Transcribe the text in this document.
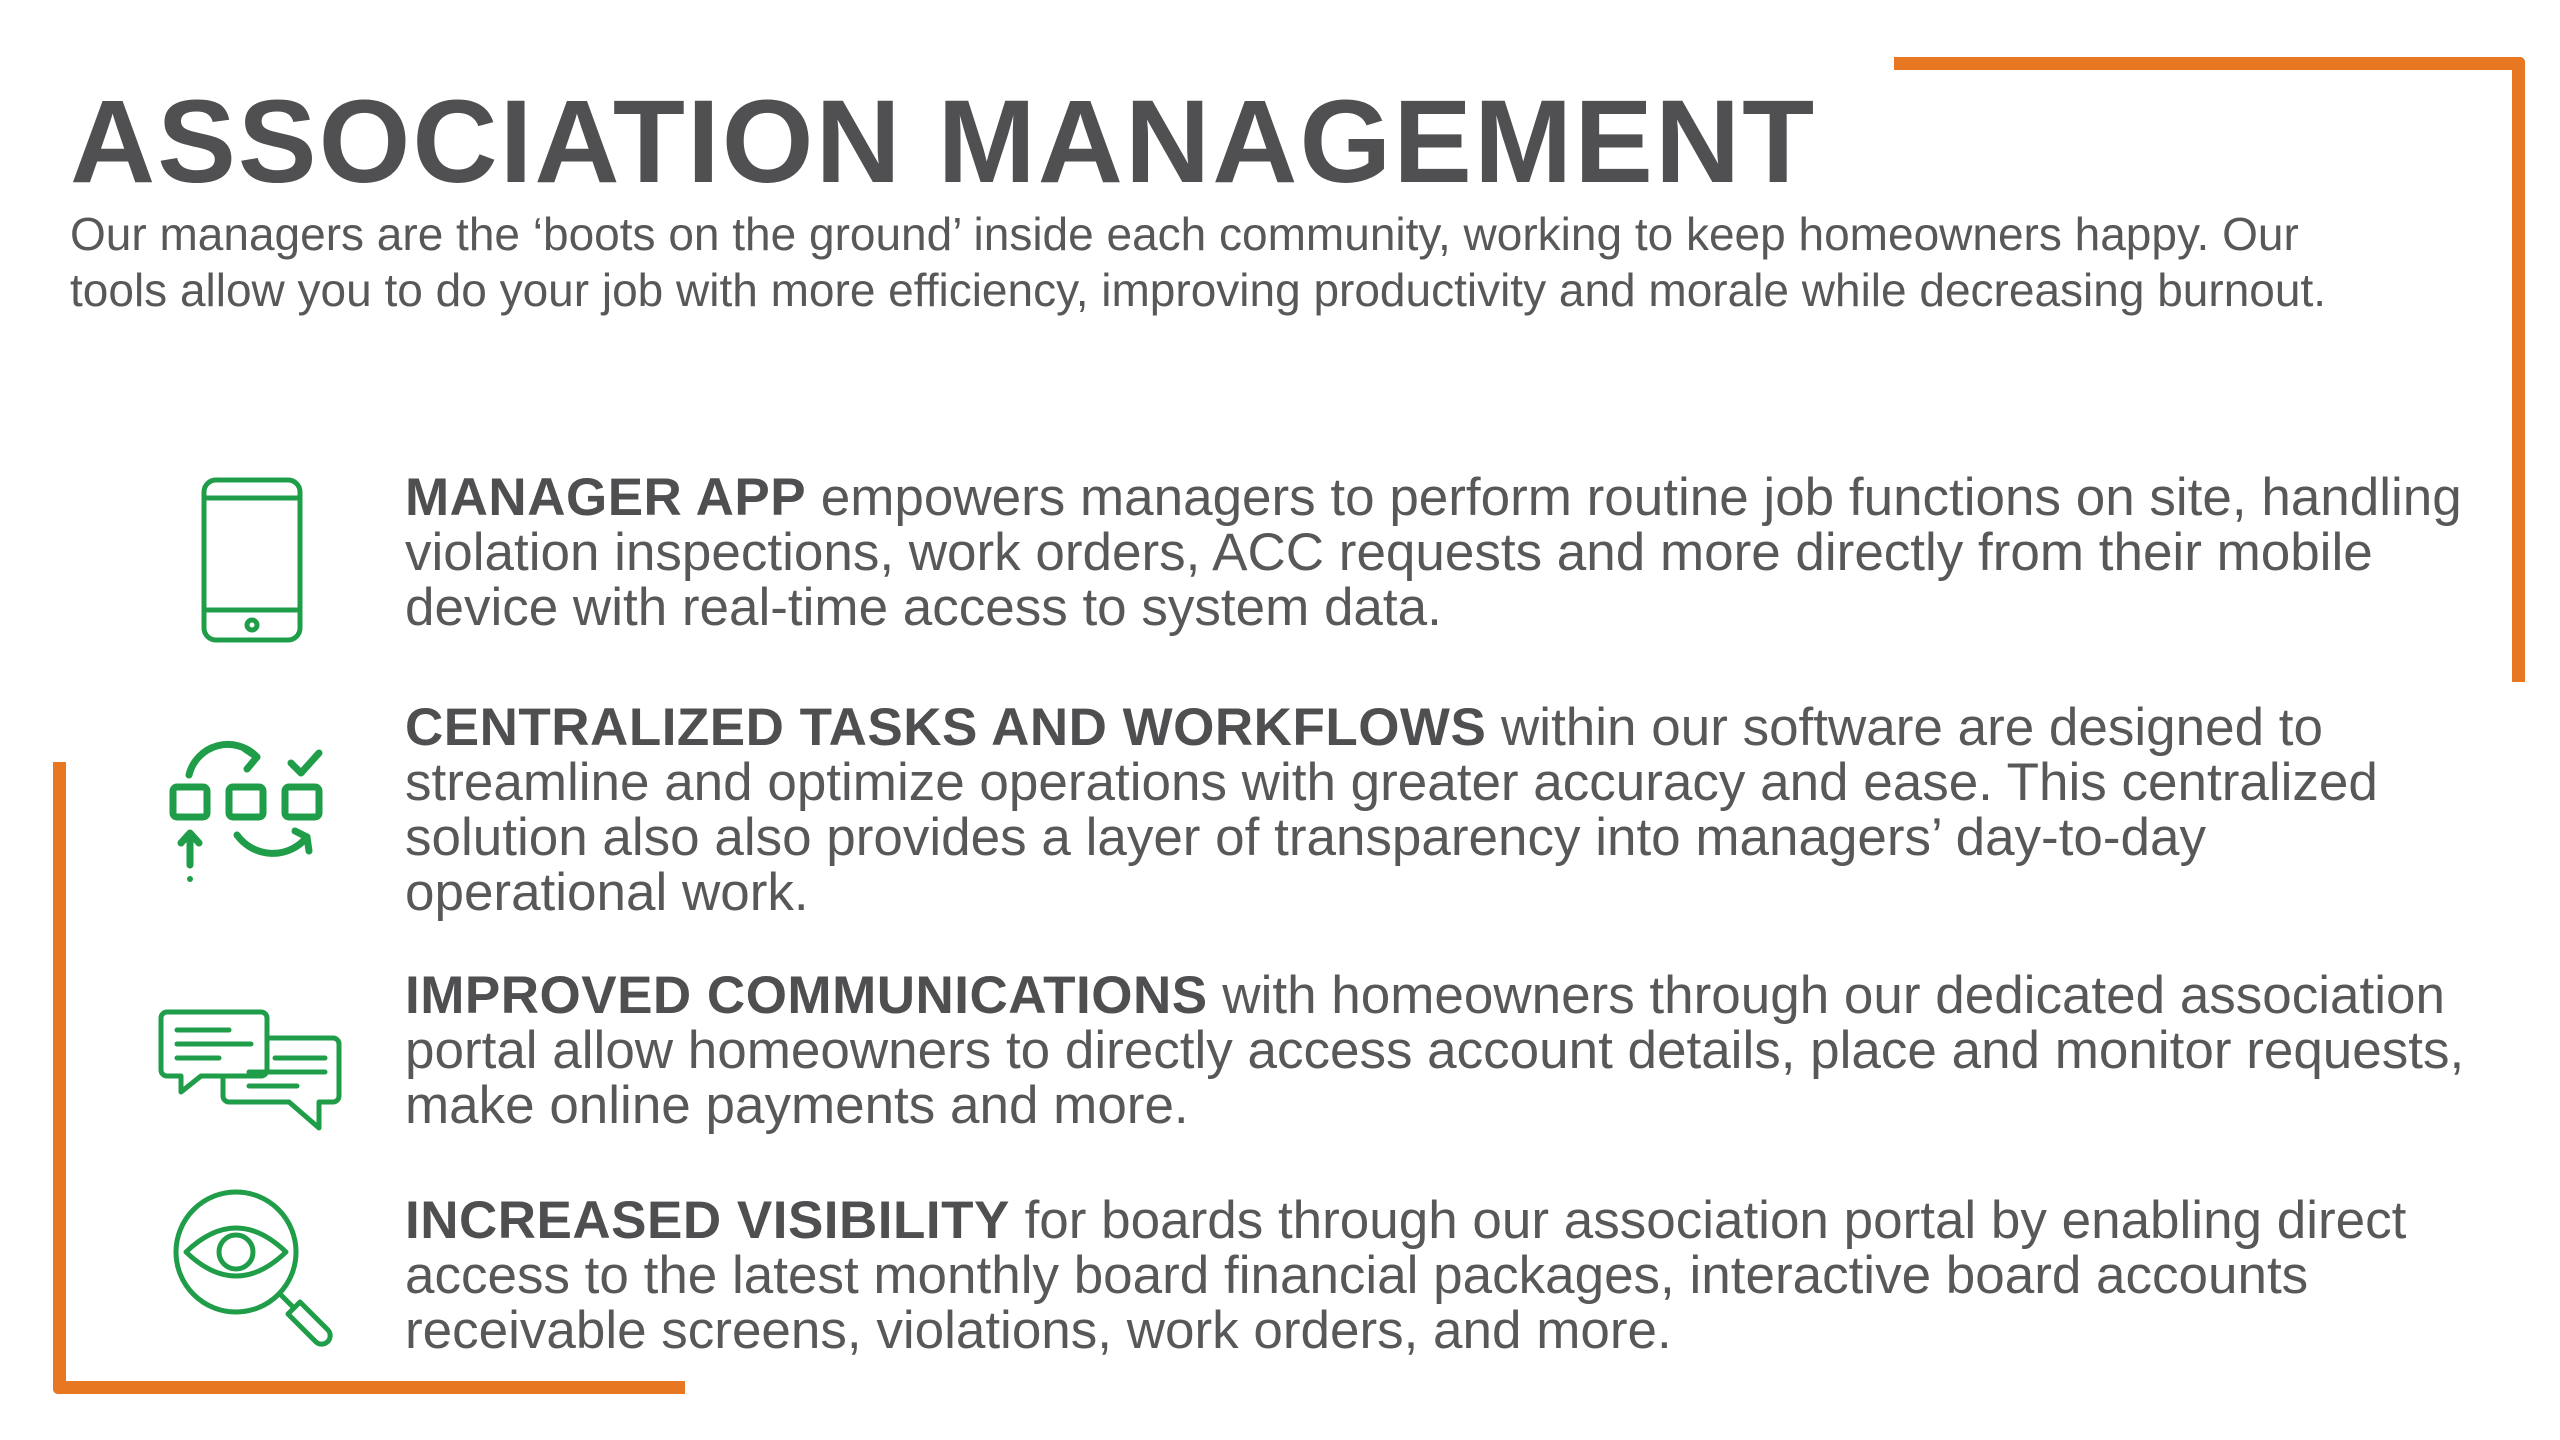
ASSOCIATION MANAGEMENT

Our managers are the ‘boots on the ground’ inside each community, working to keep homeowners happy. Our tools allow you to do your job with more efficiency, improving productivity and morale while decreasing burnout.

MANAGER APP empowers managers to perform routine job functions on site, handling violation inspections, work orders, ACC requests and more directly from their mobile device with real-time access to system data.

CENTRALIZED TASKS AND WORKFLOWS within our software are designed to streamline and optimize operations with greater accuracy and ease. This centralized solution also also provides a layer of transparency into managers’ day-to-day operational work.

IMPROVED COMMUNICATIONS with homeowners through our dedicated association portal allow homeowners to directly access account details, place and monitor requests, make online payments and more.

INCREASED VISIBILITY for boards through our association portal by enabling direct access to the latest monthly board financial packages, interactive board accounts receivable screens, violations, work orders, and more.
